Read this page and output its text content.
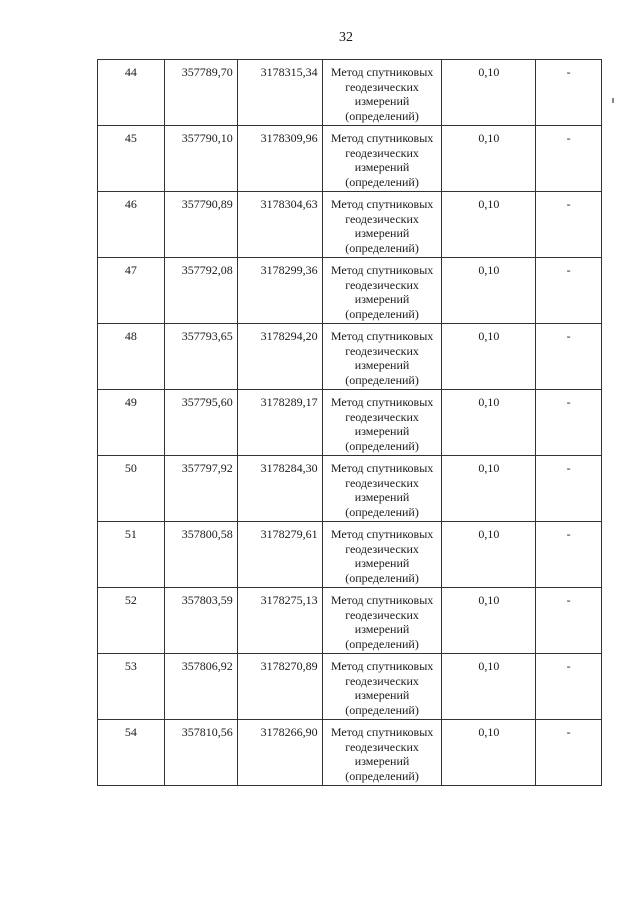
32
44	357789,70	3178315,34	Метод спутниковых
геодезических
измерений
(определений)	0,10	-
45	357790,10	3178309,96	Метод спутниковых
геодезических
измерений
(определений)	0,10	-
46	357790,89	3178304,63	Метод спутниковых
геодезических
измерений
(определений)	0,10	-
47	357792,08	3178299,36	Метод спутниковых
геодезических
измерений
(определений)	0,10	-
48	357793,65	3178294,20	Метод спутниковых
геодезических
измерений
(определений)	0,10	-
49	357795,60	3178289,17	Метод спутниковых
геодезических
измерений
(определений)	0,10	-
50	357797,92	3178284,30	Метод спутниковых
геодезических
измерений
(определений)	0,10	-
51	357800,58	3178279,61	Метод спутниковых
геодезических
измерений
(определений)	0,10	-
52	357803,59	3178275,13	Метод спутниковых
геодезических
измерений
(определений)	0,10	-
53	357806,92	3178270,89	Метод спутниковых
геодезических
измерений
(определений)	0,10	-
54	357810,56	3178266,90	Метод спутниковых
геодезических
измерений
(определений)	0,10	-
